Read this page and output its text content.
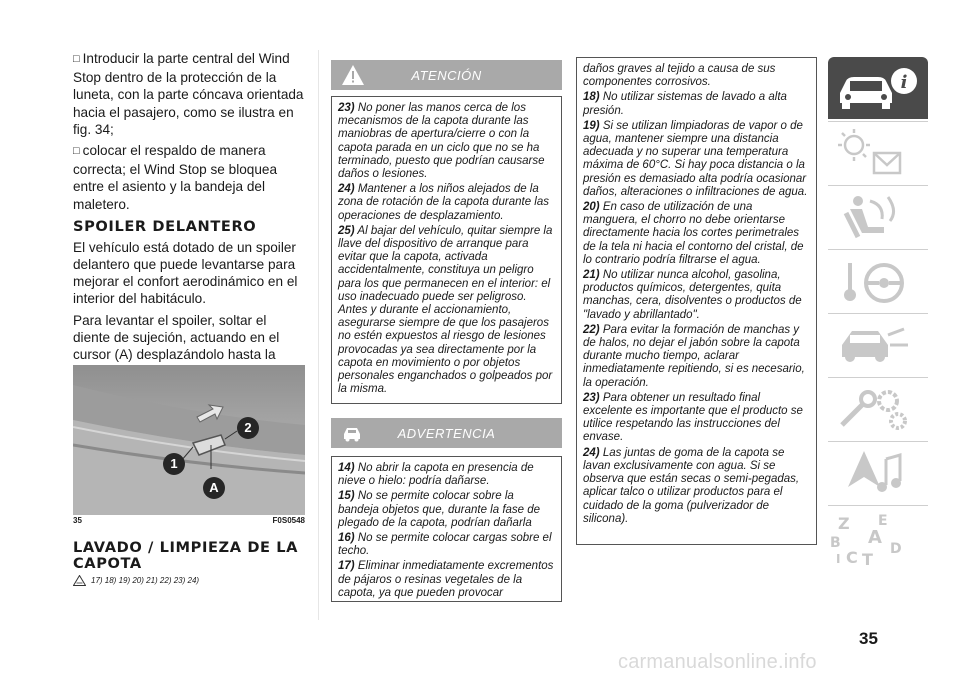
□ Introducir la parte central del Wind Stop dentro de la protección de la luneta, con la parte cóncava orientada hacia el pasajero, como se ilustra en fig. 34;

□ colocar el respaldo de manera correcta; el Wind Stop se bloquea entre el asiento y la bandeja del maletero.

SPOILER DELANTERO

El vehículo está dotado de un spoiler delantero que puede levantarse para mejorar el confort aerodinámico en el interior del habitáculo.

Para levantar el spoiler, soltar el diente de sujeción, actuando en el cursor (A) desplazándolo hasta la

1
2
A
35	F0S0548
LAVADO / LIMPIEZA DE LA CAPOTA
17) 18) 19) 20) 21) 22) 23) 24)
ATENCIÓN

23) No poner las manos cerca de los mecanismos de la capota durante las maniobras de apertura/cierre o con la capota parada en un ciclo que no se ha terminado, puesto que podrían causarse daños o lesiones.

24) Mantener a los niños alejados de la zona de rotación de la capota durante las operaciones de desplazamiento.

25) Al bajar del vehículo, quitar siempre la llave del dispositivo de arranque para evitar que la capota, activada accidentalmente, constituya un peligro para los que permanecen en el interior: el uso inadecuado puede ser peligroso. Antes y durante el accionamiento, asegurarse siempre de que los pasajeros no estén expuestos al riesgo de lesiones provocadas ya sea directamente por la capota en movimiento o por objetos personales enganchados o golpeados por la misma.

ADVERTENCIA

14) No abrir la capota en presencia de nieve o hielo: podría dañarse.

15) No se permite colocar sobre la bandeja objetos que, durante la fase de plegado de la capota, podrían dañarla

16) No se permite colocar cargas sobre el techo.

17) Eliminar inmediatamente excrementos de pájaros o resinas vegetales de la capota, ya que pueden provocar

daños graves al tejido a causa de sus componentes corrosivos.

18) No utilizar sistemas de lavado a alta presión.

19) Si se utilizan limpiadoras de vapor o de agua, mantener siempre una distancia adecuada y no superar una temperatura máxima de 60°C. Si hay poca distancia o la presión es demasiado alta podría ocasionar daños, alteraciones o infiltraciones de agua.

20) En caso de utilización de una manguera, el chorro no debe orientarse directamente hacia los cortes perimetrales de la tela ni hacia el contorno del cristal, de lo contrario podría filtrarse el agua.

21) No utilizar nunca alcohol, gasolina, productos químicos, detergentes, quita manchas, cera, disolventes o productos de "lavado y abrillantado".

22) Para evitar la formación de manchas y de halos, no dejar el jabón sobre la capota durante mucho tiempo, aclarar inmediatamente repitiendo, si es necesario, la operación.

23) Para obtener un resultado final excelente es importante que el producto se utilice respetando las instrucciones del envase.

24) Las juntas de goma de la capota se lavan exclusivamente con agua. Si se observa que están secas o semi-pegadas, aplicar talco o utilizar productos para el cuidado de la goma (pulverizador de silicona).

i
Z E
A
B
C T
D
I
35
carmanualsonline.info
